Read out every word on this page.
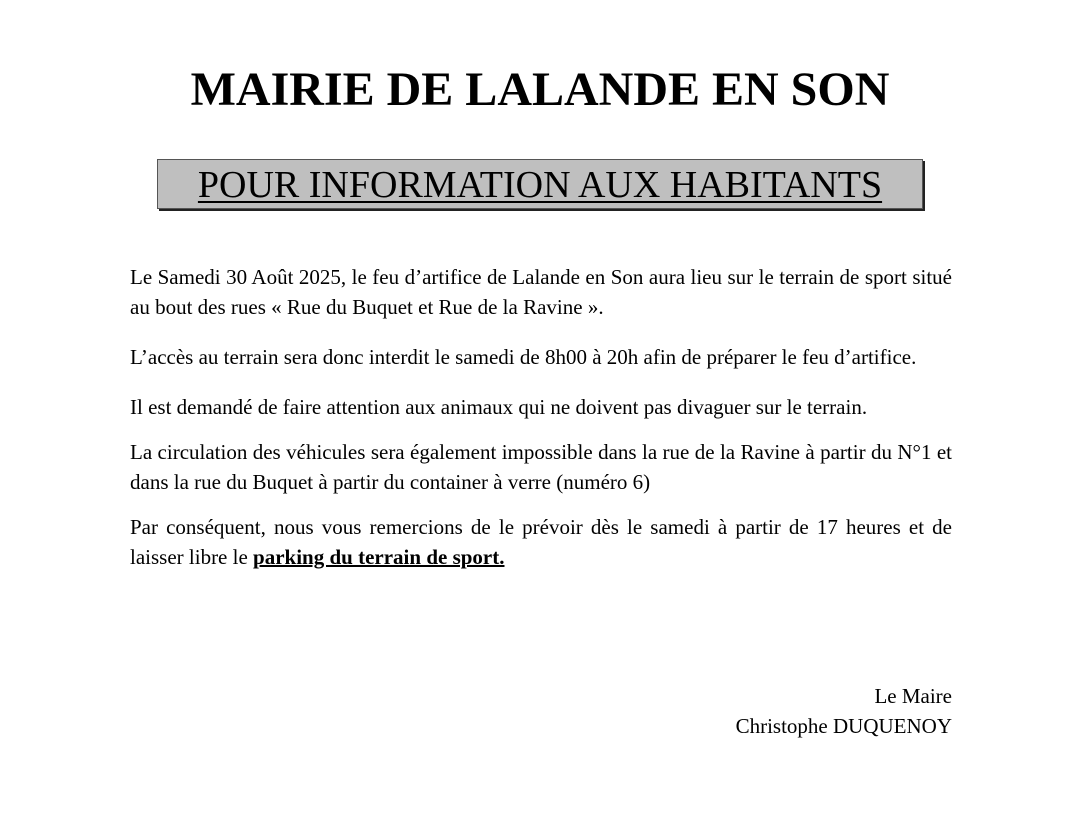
MAIRIE DE LALANDE EN SON
POUR INFORMATION AUX HABITANTS

Le Samedi 30 Août 2025, le feu d’artifice de Lalande en Son aura lieu sur le terrain de sport situé au bout des rues « Rue du Buquet et Rue de la Ravine ».

L’accès au terrain sera donc interdit le samedi de 8h00 à 20h afin de préparer le feu d’artifice.

Il est demandé de faire attention aux animaux qui ne doivent pas divaguer sur le terrain.

La circulation des véhicules sera également impossible dans la rue de la Ravine à partir du N°1 et dans la rue du Buquet à partir du container à verre (numéro 6)

Par conséquent, nous vous remercions de le prévoir dès le samedi à partir de 17 heures et de laisser libre le parking du terrain de sport.

Le Maire
Christophe DUQUENOY
